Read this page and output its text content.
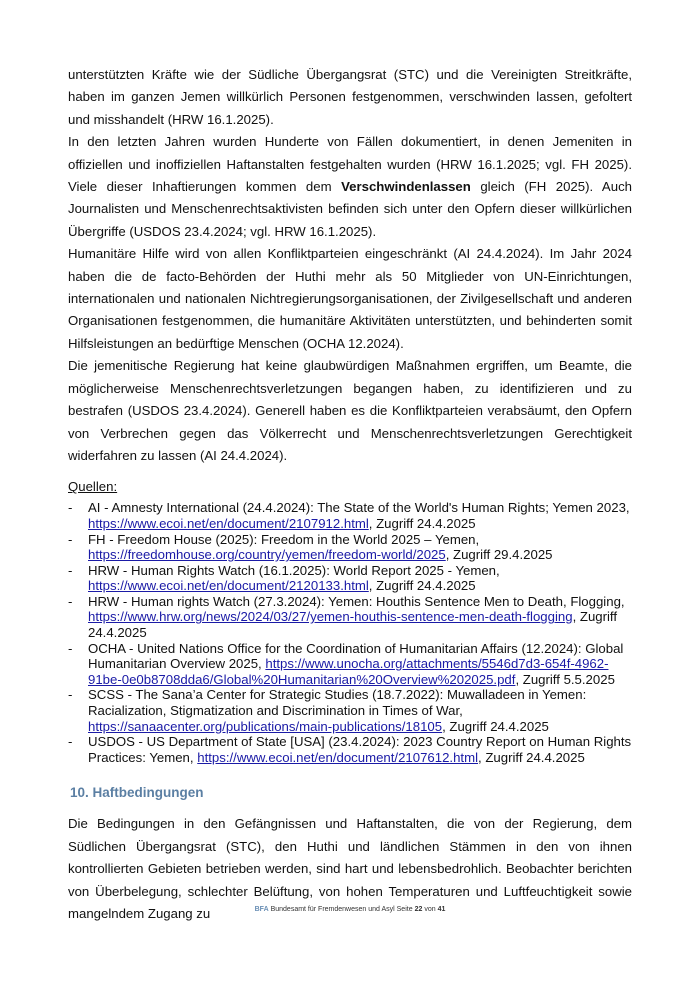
unterstützten Kräfte wie der Südliche Übergangsrat (STC) und die Vereinigten Streitkräfte, haben im ganzen Jemen willkürlich Personen festgenommen, verschwinden lassen, gefoltert und misshandelt (HRW 16.1.2025).

In den letzten Jahren wurden Hunderte von Fällen dokumentiert, in denen Jemeniten in offiziellen und inoffiziellen Haftanstalten festgehalten wurden (HRW 16.1.2025; vgl. FH 2025). Viele dieser Inhaftierungen kommen dem Verschwindenlassen gleich (FH 2025). Auch Journalisten und Menschenrechtsaktivisten befinden sich unter den Opfern dieser willkürlichen Übergriffe (USDOS 23.4.2024; vgl. HRW 16.1.2025).

Humanitäre Hilfe wird von allen Konfliktparteien eingeschränkt (AI 24.4.2024). Im Jahr 2024 haben die de facto-Behörden der Huthi mehr als 50 Mitglieder von UN-Einrichtungen, internationalen und nationalen Nichtregierungsorganisationen, der Zivilgesellschaft und anderen Organisationen festgenommen, die humanitäre Aktivitäten unterstützten, und behinderten somit Hilfsleistungen an bedürftige Menschen (OCHA 12.2024).

Die jemenitische Regierung hat keine glaubwürdigen Maßnahmen ergriffen, um Beamte, die möglicherweise Menschenrechtsverletzungen begangen haben, zu identifizieren und zu bestrafen (USDOS 23.4.2024). Generell haben es die Konfliktparteien verabsäumt, den Opfern von Verbrechen gegen das Völkerrecht und Menschenrechtsverletzungen Gerechtigkeit widerfahren zu lassen (AI 24.4.2024).

Quellen:
- AI - Amnesty International (24.4.2024): The State of the World's Human Rights; Yemen 2023, https://www.ecoi.net/en/document/2107912.html, Zugriff 24.4.2025
- FH - Freedom House (2025): Freedom in the World 2025 – Yemen, https://freedomhouse.org/country/yemen/freedom-world/2025, Zugriff 29.4.2025
- HRW - Human Rights Watch (16.1.2025): World Report 2025 - Yemen, https://www.ecoi.net/en/document/2120133.html, Zugriff 24.4.2025
- HRW - Human rights Watch (27.3.2024): Yemen: Houthis Sentence Men to Death, Flogging, https://www.hrw.org/news/2024/03/27/yemen-houthis-sentence-men-death-flogging, Zugriff 24.4.2025
- OCHA - United Nations Office for the Coordination of Humanitarian Affairs (12.2024): Global Humanitarian Overview 2025, https://www.unocha.org/attachments/5546d7d3-654f-4962-91be-0e0b8708dda6/Global%20Humanitarian%20Overview%202025.pdf, Zugriff 5.5.2025
- SCSS - The Sana’a Center for Strategic Studies (18.7.2022): Muwalladeen in Yemen: Racialization, Stigmatization and Discrimination in Times of War, https://sanaacenter.org/publications/main-publications/18105, Zugriff 24.4.2025
- USDOS - US Department of State [USA] (23.4.2024): 2023 Country Report on Human Rights Practices: Yemen, https://www.ecoi.net/en/document/2107612.html, Zugriff 24.4.2025
10. Haftbedingungen

Die Bedingungen in den Gefängnissen und Haftanstalten, die von der Regierung, dem Südlichen Übergangsrat (STC), den Huthi und ländlichen Stämmen in den von ihnen kontrollierten Gebieten betrieben werden, sind hart und lebensbedrohlich. Beobachter berichten von Überbelegung, schlechter Belüftung, von hohen Temperaturen und Luftfeuchtigkeit sowie mangelndem Zugang zu	BFA Bundesamt für Fremdenwesen und Asyl Seite 22 von 41
